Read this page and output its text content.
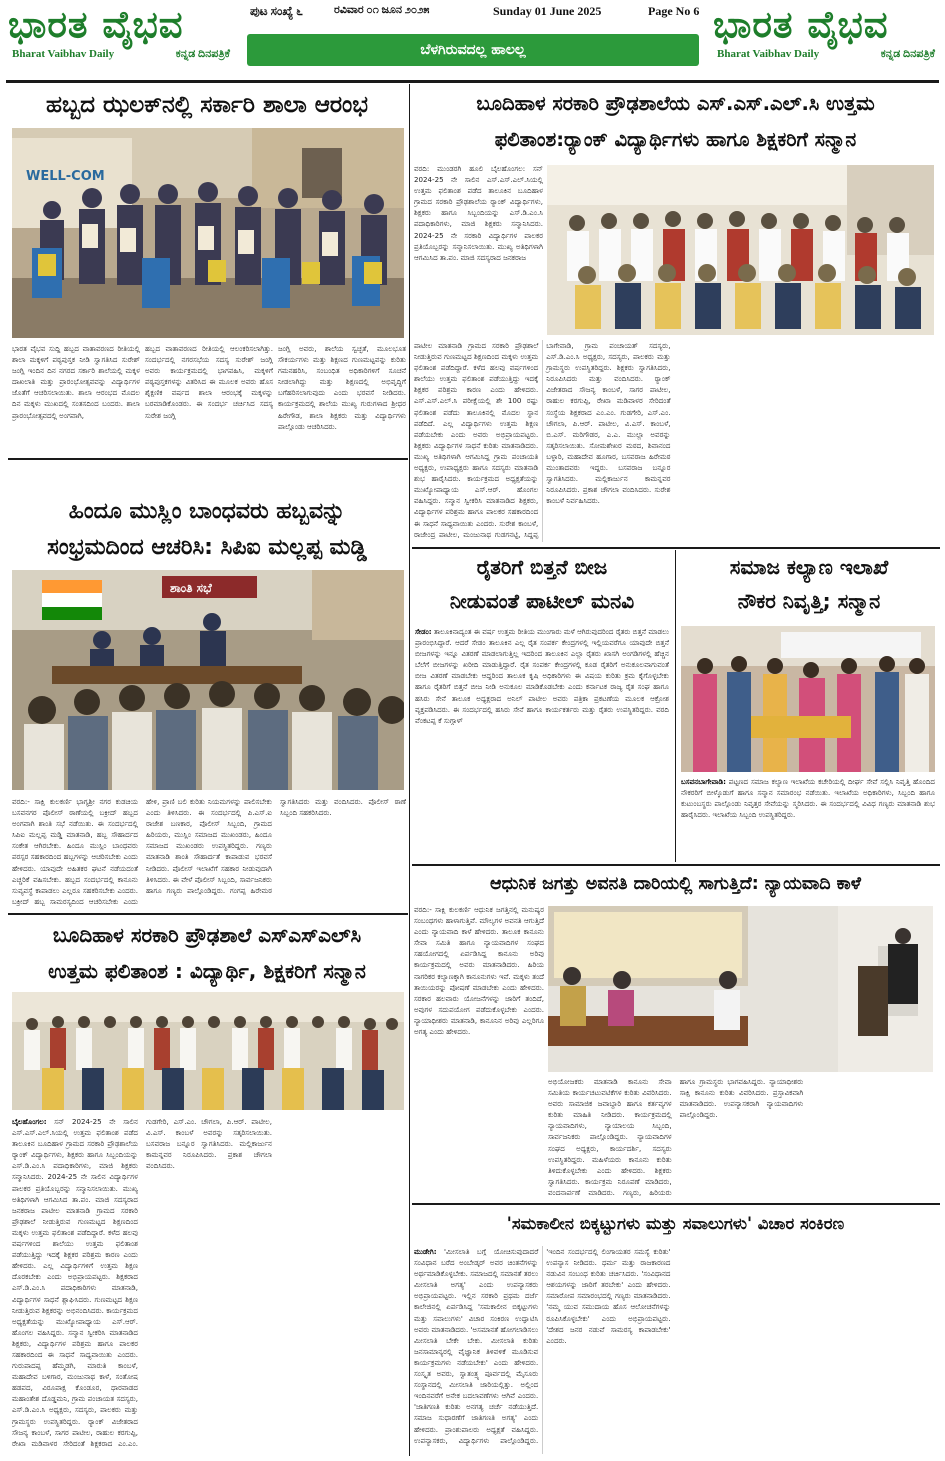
ಭಾರತ ವೈಭವ
Bharat Vaibhav Daily	ಕನ್ನಡ ದಿನಪತ್ರಿಕೆ
ಭಾರತ ವೈಭವ
Bharat Vaibhav Daily	ಕನ್ನಡ ದಿನಪತ್ರಿಕೆ
ಪುಟ ಸಂಖ್ಯೆ ೬	ರವಿವಾರ ೦೧ ಜೂನ ೨೦೨೫	Sunday 01 June 2025	Page No 6
ಬೆಳಗಿರುವದಲ್ಲ ಹಾಲಲ್ಲ
ಹಬ್ಬದ ಝಲಕ್‌ನಲ್ಲಿ ಸರ್ಕಾರಿ ಶಾಲಾ ಆರಂಭ
WELL-COM
ಭಾರತ ವೈಭವ ಸುದ್ದಿ ಹಬ್ಬದ ವಾತಾವರಣದ ರೀತಿಯಲ್ಲಿ ಶಾಲಾ ಮಕ್ಕಳಿಗೆ ಪಠ್ಯಪುಸ್ತಕ ನೀಡಿ ಸ್ವಾಗತಿಸಿದ ಸುರೇಶ್ ಜಂಗ್ಲಿ ಇಂದಿನ ದಿನ ನಗರದ ಸರ್ಕಾರಿ ಶಾಲೆಯಲ್ಲಿ ಮಕ್ಕಳ ದಾಖಲಾತಿ ಮತ್ತು ಪ್ರಾರಂಭೋತ್ಸವವನ್ನು ವಿದ್ಯಾರ್ಥಿಗಳ ಜೊತೆಗೆ ಆಚರಿಸಲಾಯಿತು. ಶಾಲಾ ಆರಂಭದ ಮೊದಲ ದಿನ ಮಕ್ಕಳು ಮುಖದಲ್ಲಿ ಸಂತಸದಿಂದ ಬಂದರು. ಶಾಲಾ ಪ್ರಾರಂಭೋತ್ಸವದಲ್ಲಿ ಅಂಗವಾಗಿ,
ಹಬ್ಬದ ವಾತಾವರಣದ ರೀತಿಯಲ್ಲಿ ಆಲಂಕರಿಸಲಾಗಿತ್ತು. ಸಂದರ್ಭದಲ್ಲಿ ನಗರಸಭೆಯ ಸದಸ್ಯ ಸುರೇಶ್ ಜಂಗ್ಲಿ ಅವರು ಕಾರ್ಯಕ್ರಮದಲ್ಲಿ ಭಾಗವಹಿಸಿ, ಮಕ್ಕಳಿಗೆ ಪಠ್ಯಪುಸ್ತಕಗಳನ್ನು ವಿತರಿಸಿದ ಈ ಮೂಲಕ ಅವರು ಹೊಸ ಶೈಕ್ಷಣಿಕ ವರ್ಷದ ಶಾಲಾ ಆರಂಭಕ್ಕೆ ಮಕ್ಕಳನ್ನು ಬರಮಾಡಿಕೊಂಡರು. ಈ ಸಂದರ್ಭ ಚರ್ಚಿಸಿದ ಸದಸ್ಯ ಸುರೇಶ ಜಂಗ್ಲಿ
ಜಂಗ್ಲಿ ಅವರು, ಶಾಲೆಯ ಸ್ವಚ್ಛತೆ, ಮೂಲಭೂತ ಸೌಕರ್ಯಗಳು ಮತ್ತು ಶಿಕ್ಷಣದ ಗುಣಮಟ್ಟವನ್ನು ಕುರಿತು ಗಮನಹರಿಸಿ, ಸಂಬಂಧಿತ ಅಧಿಕಾರಿಗಳಿಗೆ ಸೂಚನೆ ನೀಡಲಾಗಿದ್ದು ಮತ್ತು ಶಿಕ್ಷಣದಲ್ಲಿ ಅಭಿವೃದ್ಧಿಗೆ ಬಗೆಹರಿಸಲಾಗುವುದು ಎಂದು ಭರವಸೆ ನೀಡಿದರು. ಕಾರ್ಯಕ್ರಮದಲ್ಲಿ ಶಾಲೆಯ ಮುಖ್ಯ ಗುರುಗಳಾದ ಶ್ರೀಧರ ಹಿರೇಗೌಡ, ಶಾಲಾ ಶಿಕ್ಷಕರು ಮತ್ತು ವಿದ್ಯಾರ್ಥಿಗಳು ಪಾಲ್ಗೊಂಡು ಆಚರಿಸಿದರು.
ಬೂದಿಹಾಳ ಸರಕಾರಿ ಪ್ರೌಢಶಾಲೆಯ ಎಸ್.ಎಸ್.ಎಲ್.ಸಿ ಉತ್ತಮ
ಫಲಿತಾಂಶ:ರ್‍ಯಾಂಕ್ ವಿದ್ಯಾರ್ಥಿಗಳು ಹಾಗೂ ಶಿಕ್ಷಕರಿಗೆ ಸನ್ಮಾನ
ವರದಿ: ಮುಂಡರಗಿ ಹೂಲಿ ಬೈಲಹೊಂಗಲ: ಸನ್ 2024-25 ನೇ ಸಾಲಿನ ಎಸ್.ಎಸ್.ಎಲ್.ಸಿಯಲ್ಲಿ ಉತ್ತಮ ಫಲಿತಾಂಶ ಪಡೆದ ತಾಲೂಕಿನ ಬೂದಿಹಾಳ ಗ್ರಾಮದ ಸರಕಾರಿ ಪ್ರೌಢಶಾಲೆಯ ರ್‍ಯಾಂಕ್ ವಿದ್ಯಾರ್ಥಿಗಳು, ಶಿಕ್ಷಕರು ಹಾಗೂ ಸಿಬ್ಬಂದಿಯನ್ನು ಎಸ್.ಡಿ.ಎಂ.ಸಿ ಪದಾಧಿಕಾರಿಗಳು, ಮಾಜಿ ಶಿಕ್ಷಕರು ಸನ್ಮಾನಿಸಿದರು. 2024-25 ನೇ ಸರಕಾರಿ ವಿದ್ಯಾರ್ಥಿಗಳ ಪಾಲಕರ ಪ್ರತಿಯೊಬ್ಬರನ್ನು ಸನ್ಮಾನಿಸಲಾಯಿತು. ಮುಖ್ಯ ಅತಿಥಿಗಳಾಗಿ ಆಗಮಿಸಿದ ತಾ.ಪಂ. ಮಾಜಿ ಸದಸ್ಯರಾದ ಜನಕರಾಜ
ಪಾಟೀಲ ಮಾತನಾಡಿ ಗ್ರಾಮದ ಸರಕಾರಿ ಪ್ರೌಢಶಾಲೆ ನೀಡುತ್ತಿರುವ ಗುಣಮಟ್ಟದ ಶಿಕ್ಷಣದಿಂದ ಮಕ್ಕಳು ಉತ್ತಮ ಫಲಿತಾಂಶ ಪಡೆದಿದ್ದಾರೆ. ಕಳೆದ ಹಲವು ವರ್ಷಗಳಿಂದ ಶಾಲೆಯು ಉತ್ತಮ ಫಲಿತಾಂಶ ಪಡೆಯುತ್ತಿದ್ದು ಇದಕ್ಕೆ ಶಿಕ್ಷಕರ ಪರಿಶ್ರಮ ಕಾರಣ ಎಂದು ಹೇಳಿದರು. ಎಸ್.ಎಸ್.ಎಲ್.ಸಿ ಪರೀಕ್ಷೆಯಲ್ಲಿ ಶೇ 100 ರಷ್ಟು ಫಲಿತಾಂಶ ಪಡೆದು ತಾಲೂಕಿನಲ್ಲಿ ಮೊದಲ ಸ್ಥಾನ ಪಡೆದಿದೆ. ಎಲ್ಲ ವಿದ್ಯಾರ್ಥಿಗಳು ಉತ್ತಮ ಶಿಕ್ಷಣ ಪಡೆಯಬೇಕು ಎಂದು ಅವರು ಅಭಿಪ್ರಾಯಪಟ್ಟರು. ಶಿಕ್ಷಕರು ವಿದ್ಯಾರ್ಥಿಗಳ ಸಾಧನೆ ಕುರಿತು ಮಾತನಾಡಿದರು. ಮುಖ್ಯ ಅತಿಥಿಗಳಾಗಿ ಆಗಮಿಸಿದ್ದ ಗ್ರಾಮ ಪಂಚಾಯತಿ ಅಧ್ಯಕ್ಷರು, ಉಪಾಧ್ಯಕ್ಷರು ಹಾಗೂ ಸದಸ್ಯರು ಮಾತನಾಡಿ ಶುಭ ಹಾರೈಸಿದರು. ಕಾರ್ಯಕ್ರಮದ ಅಧ್ಯಕ್ಷತೆಯನ್ನು ಮುಖ್ಯೋಪಾಧ್ಯಾಯ ಎಸ್.ಆರ್. ಹೊಂಗಲ ವಹಿಸಿದ್ದರು. ಸನ್ಮಾನ ಸ್ವೀಕರಿಸಿ ಮಾತನಾಡಿದ ಶಿಕ್ಷಕರು, ವಿದ್ಯಾರ್ಥಿಗಳ ಪರಿಶ್ರಮ ಹಾಗೂ ಪಾಲಕರ ಸಹಕಾರದಿಂದ ಈ ಸಾಧನೆ ಸಾಧ್ಯವಾಯಿತು ಎಂದರು. ಸುರೇಶ ಕಾಂಬಳೆ, ರಾಜೇಂದ್ರ ಪಾಟೀಲ, ಮಂಜುನಾಥ ಗುಡಗನಟ್ಟಿ, ಸಿದ್ದಪ್ಪ ಬಾಗೇವಾಡಿ, ಗ್ರಾಮ ಪಂಚಾಯತ್ ಸದಸ್ಯರು, ಎಸ್.ಡಿ.ಎಂ.ಸಿ ಅಧ್ಯಕ್ಷರು, ಸದಸ್ಯರು, ಪಾಲಕರು ಮತ್ತು ಗ್ರಾಮಸ್ಥರು ಉಪಸ್ಥಿತರಿದ್ದರು. ಶಿಕ್ಷಕರು ಸ್ವಾಗತಿಸಿದರು, ನಿರೂಪಿಸಿದರು ಮತ್ತು ವಂದಿಸಿದರು. ರ್‍ಯಾಂಕ್ ವಿಜೇತರಾದ ಸೌಜನ್ಯ ಕಾಂಬಳೆ, ಸಾಗರ ಪಾಟೀಲ, ರಾಹುಲ ಕರಗುಪ್ಪಿ, ರೇಖಾ ಮಡಿವಾಳರ ಸೇರಿದಂತೆ ಸಂಸ್ಥೆಯ ಶಿಕ್ಷಕರಾದ ಎಂ.ಎಂ. ಗುಡಗೇರಿ, ಎಸ್.ಎಂ. ಚೌಗಲಾ, ಪಿ.ಆರ್. ಪಾಟೀಲ, ವಿ.ಎಸ್. ಕಾಂಬಳೆ, ಬಿ.ಎಸ್. ಮರಿಗೌಡರ, ಎ.ಎ. ಮುಲ್ಲಾ ಅವರನ್ನು ಸತ್ಕರಿಸಲಾಯಿತು. ಸೋಮಶೇಖರ ಮಠದ, ಶಿವಾನಂದ ಬಳ್ಳಾರಿ, ಮಹಾದೇವ ಹೂಗಾರ, ಬಸವರಾಜ ಹಿರೇಮಠ ಮುಂತಾದವರು ಇದ್ದರು. ಬಸವರಾಜ ಬನ್ನೂರ ಸ್ವಾಗತಿಸಿದರು. ಮಲ್ಲಿಕಾರ್ಜುನ ಕಾಮನ್ನವರ ನಿರೂಪಿಸಿದರು. ಪ್ರಕಾಶ ಚೌಗಲಾ ವಂದಿಸಿದರು. ಸುರೇಶ ಕಾಂಬಳೆ ನಿರ್ವಹಿಸಿದರು.
ಹಿಂದೂ ಮುಸ್ಲಿಂ ಬಾಂಧವರು ಹಬ್ಬವನ್ನು
ಸಂಭ್ರಮದಿಂದ ಆಚರಿಸಿ: ಸಿಪಿಐ ಮಲ್ಲಪ್ಪ ಮಡ್ಡಿ
ಶಾಂತಿ ಸಭೆ
ವರದಿ:- ಸಾಕ್ಷಿ ಕುಲಕರ್ಣಿ ಭಾಗ್ಯಶ್ರೀ ನಗರ ಕುಡಚಿಯ ಬಸವನಗರ ಪೊಲೀಸ್ ಠಾಣೆಯಲ್ಲಿ ಬಕ್ರೀದ್ ಹಬ್ಬದ ಅಂಗವಾಗಿ ಶಾಂತಿ ಸಭೆ ನಡೆಯಿತು. ಈ ಸಂದರ್ಭದಲ್ಲಿ ಸಿಪಿಐ ಮಲ್ಲಪ್ಪ ಮಡ್ಡಿ ಮಾತನಾಡಿ, ಹಬ್ಬ ಸೌಹಾರ್ದದ ಸಂಕೇತ ಆಗಿರಬೇಕು. ಹಿಂದೂ ಮುಸ್ಲಿಂ ಬಾಂಧವರು ಪರಸ್ಪರ ಸಹಕಾರದಿಂದ ಹಬ್ಬಗಳನ್ನು ಆಚರಿಸಬೇಕು ಎಂದು ಹೇಳಿದರು. ಯಾವುದೇ ಅಹಿತಕರ ಘಟನೆ ನಡೆಯದಂತೆ ಎಚ್ಚರಿಕೆ ವಹಿಸಬೇಕು. ಹಬ್ಬದ ಸಂದರ್ಭದಲ್ಲಿ ಕಾನೂನು ಸುವ್ಯವಸ್ಥೆ ಕಾಪಾಡಲು ಎಲ್ಲರೂ ಸಹಕರಿಸಬೇಕು ಎಂದರು. ಬಕ್ರೀದ್ ಹಬ್ಬ ಸಾಮರಸ್ಯದಿಂದ ಆಚರಿಸಬೇಕು ಎಂದು ಹೇಳಿ, ಪ್ರಾಣಿ ಬಲಿ ಕುರಿತು ನಿಯಮಗಳನ್ನು ಪಾಲಿಸಬೇಕು ಎಂದು ತಿಳಿಸಿದರು. ಈ ಸಂದರ್ಭದಲ್ಲಿ ಪಿ.ಎಸ್.ಐ ರಾಜೇಶ ಬಣಕಾರ, ಪೊಲೀಸ್ ಸಿಬ್ಬಂದಿ, ಗ್ರಾಮದ ಹಿರಿಯರು, ಮುಸ್ಲಿಂ ಸಮಾಜದ ಮುಖಂಡರು, ಹಿಂದೂ ಸಮಾಜದ ಮುಖಂಡರು ಉಪಸ್ಥಿತರಿದ್ದರು. ಗಣ್ಯರು ಮಾತನಾಡಿ ಶಾಂತಿ ಸೌಹಾರ್ದತೆ ಕಾಪಾಡುವ ಭರವಸೆ ನೀಡಿದರು. ಪೊಲೀಸ್ ಇಲಾಖೆಗೆ ಸಹಕಾರ ನೀಡುವುದಾಗಿ ತಿಳಿಸಿದರು. ಈ ವೇಳೆ ಪೊಲೀಸ್ ಸಿಬ್ಬಂದಿ, ಸಾರ್ವಜನಿಕರು ಹಾಗೂ ಗಣ್ಯರು ಪಾಲ್ಗೊಂಡಿದ್ದರು. ಗಂಗಪ್ಪ ಹಿರೇಮಠ ಸ್ವಾಗತಿಸಿದರು ಮತ್ತು ವಂದಿಸಿದರು. ಪೊಲೀಸ್ ಠಾಣೆ ಸಿಬ್ಬಂದಿ ಸಹಕರಿಸಿದರು.
ರೈತರಿಗೆ ಬಿತ್ತನೆ ಬೀಜ
ನೀಡುವಂತೆ ಪಾಟೀಲ್ ಮನವಿ
ಸೇಡಂ: ತಾಲೂಕಿನಾದ್ಯಂತ ಈ ವರ್ಷ ಉತ್ತಮ ರೀತಿಯ ಮುಂಗಾರು ಮಳೆ ಆಗಿರುವುದರಿಂದ ರೈತರು ಬಿತ್ತನೆ ಮಾಡಲು ಪ್ರಾರಂಭಿಸಿದ್ದಾರೆ. ಆದರೆ ಸೇಡಂ ತಾಲೂಕಿನ ಎಲ್ಲ ರೈತ ಸಂಪರ್ಕ ಕೇಂದ್ರಗಳಲ್ಲಿ ಇಲ್ಲಿಯವರೆಗೂ ಯಾವುದೇ ಬಿತ್ತನೆ ಬೀಜಗಳನ್ನು ಇನ್ನೂ ವಿತರಣೆ ಮಾಡಲಾಗುತ್ತಿಲ್ಲ ಇದರಿಂದ ತಾಲೂಕಿನ ಎಲ್ಲಾ ರೈತರು ಖಾಸಗಿ ಅಂಗಡಿಗಳಲ್ಲಿ ಹೆಚ್ಚಿನ ಬೆಲೆಗೆ ಬೀಜಗಳನ್ನು ಖರೀದಿ ಮಾಡುತ್ತಿದ್ದಾರೆ. ರೈತ ಸಂಪರ್ಕ ಕೇಂದ್ರಗಳಲ್ಲಿ ಕೂಡ ರೈತರಿಗೆ ಅನುಕೂಲವಾಗುವಂತೆ ಬೀಜ ವಿತರಣೆ ಮಾಡಬೇಕು ಆದ್ದರಿಂದ ತಾಲೂಕ ಕೃಷಿ ಅಧಿಕಾರಿಗಳು ಈ ವಿಷಯ ಕುರಿತು ಕ್ರಮ ಕೈಗೊಳ್ಳಬೇಕು ಹಾಗೂ ರೈತರಿಗೆ ಬಿತ್ತನೆ ಬೀಜ ನೀಡಿ ಅನುಕೂಲ ಮಾಡಿಕೊಡಬೇಕು ಎಂದು ಕರ್ನಾಟಕ ರಾಜ್ಯ ರೈತ ಸಂಘ ಹಾಗೂ ಹಸಿರು ಸೇನೆ ತಾಲೂಕ ಅಧ್ಯಕ್ಷರಾದ ಅನಿಲ್ ಪಾಟೀಲ ಅವರು ಪತ್ರಿಕಾ ಪ್ರಕಟಣೆಯ ಮೂಲಕ ಆಕ್ರೋಶ ವ್ಯಕ್ತಪಡಿಸಿದರು. ಈ ಸಂದರ್ಭದಲ್ಲಿ ಹಸಿರು ಸೇನೆ ಹಾಗೂ ಕಾರ್ಯಕರ್ತರು ಮತ್ತು ರೈತರು ಉಪಸ್ಥಿತರಿದ್ದರು. ವರದಿ ವೆಂಕಟಪ್ಪ ಕೆ ಸುಗ್ಗಾಳ್
ಸಮಾಜ ಕಲ್ಯಾಣ ಇಲಾಖೆ
ನೌಕರ ನಿವೃತ್ತಿ; ಸನ್ಮಾನ
ಬಸವನಬಾಗೇವಾಡಿ: ಪಟ್ಟಣದ ಸಮಾಜ ಕಲ್ಯಾಣ ಇಲಾಖೆಯ ಕಚೇರಿಯಲ್ಲಿ ದೀರ್ಘ ಸೇವೆ ಸಲ್ಲಿಸಿ ನಿವೃತ್ತಿ ಹೊಂದಿದ ನೌಕರರಿಗೆ ಬೀಳ್ಕೊಡುಗೆ ಹಾಗೂ ಸನ್ಮಾನ ಸಮಾರಂಭ ನಡೆಯಿತು. ಇಲಾಖೆಯ ಅಧಿಕಾರಿಗಳು, ಸಿಬ್ಬಂದಿ ಹಾಗೂ ಕುಟುಂಬಸ್ಥರು ಪಾಲ್ಗೊಂಡು ನಿವೃತ್ತರ ಸೇವೆಯನ್ನು ಸ್ಮರಿಸಿದರು. ಈ ಸಂದರ್ಭದಲ್ಲಿ ವಿವಿಧ ಗಣ್ಯರು ಮಾತನಾಡಿ ಶುಭ ಹಾರೈಸಿದರು. ಇಲಾಖೆಯ ಸಿಬ್ಬಂದಿ ಉಪಸ್ಥಿತರಿದ್ದರು.
ಆಧುನಿಕ ಜಗತ್ತು ಅವನತಿ ದಾರಿಯಲ್ಲಿ ಸಾಗುತ್ತಿದೆ: ನ್ಯಾಯವಾದಿ ಕಾಳೆ
ವರದಿ:- ಸಾಕ್ಷಿ ಕುಲಕರ್ಣಿ ಆಧುನಿಕ ಜಗತ್ತಿನಲ್ಲಿ ಮನುಷ್ಯರ ಸಂಬಂಧಗಳು ಹಾಳಾಗುತ್ತಿವೆ. ಮೌಲ್ಯಗಳ ಅವನತಿ ಆಗುತ್ತಿದೆ ಎಂದು ನ್ಯಾಯವಾದಿ ಕಾಳೆ ಹೇಳಿದರು. ತಾಲೂಕ ಕಾನೂನು ಸೇವಾ ಸಮಿತಿ ಹಾಗೂ ನ್ಯಾಯವಾದಿಗಳ ಸಂಘದ ಸಹಯೋಗದಲ್ಲಿ ಏರ್ಪಡಿಸಿದ್ದ ಕಾನೂನು ಅರಿವು ಕಾರ್ಯಕ್ರಮದಲ್ಲಿ ಅವರು ಮಾತನಾಡಿದರು. ಹಿರಿಯ ನಾಗರಿಕರ ಕಲ್ಯಾಣಕ್ಕಾಗಿ ಕಾನೂನುಗಳು ಇವೆ. ಮಕ್ಕಳು ತಂದೆ ತಾಯಿಯರನ್ನು ಪೋಷಣೆ ಮಾಡಬೇಕು ಎಂದು ಹೇಳಿದರು. ಸರಕಾರ ಹಲವಾರು ಯೋಜನೆಗಳನ್ನು ಜಾರಿಗೆ ತಂದಿದೆ, ಅವುಗಳ ಸದುಪಯೋಗ ಪಡೆದುಕೊಳ್ಳಬೇಕು ಎಂದರು. ನ್ಯಾಯಾಧೀಶರು ಮಾತನಾಡಿ, ಕಾನೂನಿನ ಅರಿವು ಎಲ್ಲರಿಗೂ ಅಗತ್ಯ ಎಂದು ಹೇಳಿದರು.
ಅಭಿಯೋಜಕರು ಮಾತನಾಡಿ ಕಾನೂನು ಸೇವಾ ಸಮಿತಿಯ ಕಾರ್ಯಚಟುವಟಿಕೆಗಳ ಕುರಿತು ವಿವರಿಸಿದರು. ಅವರು ಸಾಮಾಜಿಕ ಜವಾಬ್ದಾರಿ ಹಾಗೂ ಕರ್ತವ್ಯಗಳ ಕುರಿತು ಮಾಹಿತಿ ನೀಡಿದರು. ಕಾರ್ಯಕ್ರಮದಲ್ಲಿ ನ್ಯಾಯವಾದಿಗಳು, ನ್ಯಾಯಾಲಯ ಸಿಬ್ಬಂದಿ, ಸಾರ್ವಜನಿಕರು ಪಾಲ್ಗೊಂಡಿದ್ದರು. ನ್ಯಾಯವಾದಿಗಳ ಸಂಘದ ಅಧ್ಯಕ್ಷರು, ಕಾರ್ಯದರ್ಶಿ, ಸದಸ್ಯರು ಉಪಸ್ಥಿತರಿದ್ದರು. ಮಹಿಳೆಯರು ಕಾನೂನು ಕುರಿತು ತಿಳಿದುಕೊಳ್ಳಬೇಕು ಎಂದು ಹೇಳಿದರು. ಶಿಕ್ಷಕರು ಸ್ವಾಗತಿಸಿದರು. ಕಾರ್ಯಕ್ರಮ ನಿರೂಪಣೆ ಮಾಡಿದರು, ವಂದನಾರ್ಪಣೆ ಮಾಡಿದರು. ಗಣ್ಯರು, ಹಿರಿಯರು ಹಾಗೂ ಗ್ರಾಮಸ್ಥರು ಭಾಗವಹಿಸಿದ್ದರು. ನ್ಯಾಯಾಧೀಶರು ಸಾಕ್ಷಿ ಕಾನೂನು ಕುರಿತು ವಿವರಿಸಿದರು. ಪ್ರಸ್ತಾವಿಕವಾಗಿ ಮಾತನಾಡಿದರು. ಉಪನ್ಯಾಸಕರಾಗಿ ನ್ಯಾಯವಾದಿಗಳು ಪಾಲ್ಗೊಂಡಿದ್ದರು.
ಬೂದಿಹಾಳ ಸರಕಾರಿ ಪ್ರೌಢಶಾಲೆ ಎಸ್‌ಎಸ್‌ಎಲ್‌ಸಿ
ಉತ್ತಮ ಫಲಿತಾಂಶ : ವಿದ್ಯಾರ್ಥಿ, ಶಿಕ್ಷಕರಿಗೆ ಸನ್ಮಾನ
ಬೈಲಹೊಂಗಲ: ಸನ್ 2024-25 ನೇ ಸಾಲಿನ ಎಸ್.ಎಸ್.ಎಲ್.ಸಿಯಲ್ಲಿ ಉತ್ತಮ ಫಲಿತಾಂಶ ಪಡೆದ ತಾಲೂಕಿನ ಬೂದಿಹಾಳ ಗ್ರಾಮದ ಸರಕಾರಿ ಪ್ರೌಢಶಾಲೆಯ ರ್‍ಯಾಂಕ್ ವಿದ್ಯಾರ್ಥಿಗಳು, ಶಿಕ್ಷಕರು ಹಾಗೂ ಸಿಬ್ಬಂದಿಯನ್ನು ಎಸ್.ಡಿ.ಎಂ.ಸಿ ಪದಾಧಿಕಾರಿಗಳು, ಮಾಜಿ ಶಿಕ್ಷಕರು ಸನ್ಮಾನಿಸಿದರು. 2024-25 ನೇ ಸಾಲಿನ ವಿದ್ಯಾರ್ಥಿಗಳ ಪಾಲಕರ ಪ್ರತಿಯೊಬ್ಬರನ್ನು ಸನ್ಮಾನಿಸಲಾಯಿತು. ಮುಖ್ಯ ಅತಿಥಿಗಳಾಗಿ ಆಗಮಿಸಿದ ತಾ.ಪಂ. ಮಾಜಿ ಸದಸ್ಯರಾದ ಜನಕರಾಜ ಪಾಟೀಲ ಮಾತನಾಡಿ ಗ್ರಾಮದ ಸರಕಾರಿ ಪ್ರೌಢಶಾಲೆ ನೀಡುತ್ತಿರುವ ಗುಣಮಟ್ಟದ ಶಿಕ್ಷಣದಿಂದ ಮಕ್ಕಳು ಉತ್ತಮ ಫಲಿತಾಂಶ ಪಡೆದಿದ್ದಾರೆ. ಕಳೆದ ಹಲವು ವರ್ಷಗಳಿಂದ ಶಾಲೆಯು ಉತ್ತಮ ಫಲಿತಾಂಶ ಪಡೆಯುತ್ತಿದ್ದು ಇದಕ್ಕೆ ಶಿಕ್ಷಕರ ಪರಿಶ್ರಮ ಕಾರಣ ಎಂದು ಹೇಳಿದರು. ಎಲ್ಲ ವಿದ್ಯಾರ್ಥಿಗಳಿಗೆ ಉತ್ತಮ ಶಿಕ್ಷಣ ದೊರಕಬೇಕು ಎಂದು ಅಭಿಪ್ರಾಯಪಟ್ಟರು. ಶಿಕ್ಷಕರಾದ ಎಸ್.ಡಿ.ಎಂ.ಸಿ ಪದಾಧಿಕಾರಿಗಳು ಮಾತನಾಡಿ, ವಿದ್ಯಾರ್ಥಿಗಳ ಸಾಧನೆ ಶ್ಲಾಘಿಸಿದರು. ಗುಣಮಟ್ಟದ ಶಿಕ್ಷಣ ನೀಡುತ್ತಿರುವ ಶಿಕ್ಷಕರನ್ನು ಅಭಿನಂದಿಸಿದರು. ಕಾರ್ಯಕ್ರಮದ ಅಧ್ಯಕ್ಷತೆಯನ್ನು ಮುಖ್ಯೋಪಾಧ್ಯಾಯ ಎಸ್.ಆರ್. ಹೊಂಗಲ ವಹಿಸಿದ್ದರು. ಸನ್ಮಾನ ಸ್ವೀಕರಿಸಿ ಮಾತನಾಡಿದ ಶಿಕ್ಷಕರು, ವಿದ್ಯಾರ್ಥಿಗಳ ಪರಿಶ್ರಮ ಹಾಗೂ ಪಾಲಕರ ಸಹಕಾರದಿಂದ ಈ ಸಾಧನೆ ಸಾಧ್ಯವಾಯಿತು ಎಂದರು. ಗುರುಪಾದಪ್ಪ ಹೆಮ್ಮಡಗಿ, ಮಾರುತಿ ಕಾಂಬಳೆ, ಮಹಾದೇವ ಬಳಿಗಾರ, ಮಂಜುನಾಥ ಕಾಳೆ, ಸಂತೋಷ ಹಡಪದ, ವಿರೂಪಾಕ್ಷ ಕೊಂಡೂರ, ಧಾರವಾಡದ ಮಹಾಂತೇಶ ದೊಡ್ಡಮನಿ, ಗ್ರಾಮ ಪಂಚಾಯತ ಸದಸ್ಯರು, ಎಸ್.ಡಿ.ಎಂ.ಸಿ ಅಧ್ಯಕ್ಷರು, ಸದಸ್ಯರು, ಪಾಲಕರು ಮತ್ತು ಗ್ರಾಮಸ್ಥರು ಉಪಸ್ಥಿತರಿದ್ದರು. ರ್‍ಯಾಂಕ್ ವಿಜೇತರಾದ ಸೌಜನ್ಯ ಕಾಂಬಳೆ, ಸಾಗರ ಪಾಟೀಲ, ರಾಹುಲ ಕರಗುಪ್ಪಿ, ರೇಖಾ ಮಡಿವಾಳರ ಸೇರಿದಂತೆ ಶಿಕ್ಷಕರಾದ ಎಂ.ಎಂ. ಗುಡಗೇರಿ, ಎಸ್.ಎಂ. ಚೌಗಲಾ, ಪಿ.ಆರ್. ಪಾಟೀಲ, ವಿ.ಎಸ್. ಕಾಂಬಳೆ ಅವರನ್ನು ಸತ್ಕರಿಸಲಾಯಿತು. ಬಸವರಾಜ ಬನ್ನೂರ ಸ್ವಾಗತಿಸಿದರು. ಮಲ್ಲಿಕಾರ್ಜುನ ಕಾಮನ್ನವರ ನಿರೂಪಿಸಿದರು. ಪ್ರಕಾಶ ಚೌಗಲಾ ವಂದಿಸಿದರು.
'ಸಮಕಾಲೀನ ಬಿಕ್ಕಟ್ಟುಗಳು ಮತ್ತು ಸವಾಲುಗಳು' ವಿಚಾರ ಸಂಕಿರಣ
ಮುಡೇಗಿ: 'ಮೀಸಲಾತಿ ಬಗ್ಗೆ ಯೋಚಿಸುವುದಾದರೆ ಸಂವಿಧಾನ ಬರೆದ ಅಂಬೇಡ್ಕರ್ ಅವರ ಚಿಂತನೆಗಳನ್ನು ಅರ್ಥಮಾಡಿಕೊಳ್ಳಬೇಕು. ಸಮಾಜದಲ್ಲಿ ಸಮಾನತೆ ತರಲು ಮೀಸಲಾತಿ ಅಗತ್ಯ' ಎಂದು ಉಪನ್ಯಾಸಕರು ಅಭಿಪ್ರಾಯಪಟ್ಟರು. ಇಲ್ಲಿನ ಸರಕಾರಿ ಪ್ರಥಮ ದರ್ಜೆ ಕಾಲೇಜಿನಲ್ಲಿ ಏರ್ಪಡಿಸಿದ್ದ 'ಸಮಕಾಲೀನ ಬಿಕ್ಕಟ್ಟುಗಳು ಮತ್ತು ಸವಾಲುಗಳು' ವಿಚಾರ ಸಂಕಿರಣ ಉದ್ಘಾಟಿಸಿ ಅವರು ಮಾತನಾಡಿದರು. 'ಅಸಮಾನತೆ ಹೋಗಲಾಡಿಸಲು ಮೀಸಲಾತಿ ಬೇಕೇ ಬೇಕು. ಮೀಸಲಾತಿ ಕುರಿತು ಜನಸಾಮಾನ್ಯರಲ್ಲಿ ವೈಜ್ಞಾನಿಕ ತಿಳಿವಳಿಕೆ ಮೂಡಿಸುವ ಕಾರ್ಯಕ್ರಮಗಳು ನಡೆಯಬೇಕು' ಎಂದು ಹೇಳಿದರು. ಸಂಸ್ಕೃತ ಅವರು, ಸ್ವಾತಂತ್ರ್ಯ ಪೂರ್ವದಲ್ಲಿ ಮೈಸೂರು ಸಂಸ್ಥಾನದಲ್ಲಿ ಮೀಸಲಾತಿ ಜಾರಿಯಲ್ಲಿತ್ತು. ಅಲ್ಲಿಂದ ಇಂದಿನವರೆಗೆ ಅನೇಕ ಬದಲಾವಣೆಗಳು ಆಗಿವೆ ಎಂದರು. 'ಜಾತಿಗಣತಿ ಕುರಿತು ಅನಗತ್ಯ ಚರ್ಚೆ ನಡೆಯುತ್ತಿದೆ. ಸಮಾಜ ಸುಧಾರಣೆಗೆ ಜಾತಿಗಣತಿ ಅಗತ್ಯ' ಎಂದು ಹೇಳಿದರು. ಪ್ರಾಂಶುಪಾಲರು ಅಧ್ಯಕ್ಷತೆ ವಹಿಸಿದ್ದರು. ಉಪನ್ಯಾಸಕರು, ವಿದ್ಯಾರ್ಥಿಗಳು ಪಾಲ್ಗೊಂಡಿದ್ದರು. 'ಇಂದಿನ ಸಂದರ್ಭದಲ್ಲಿ ಲಿಂಗಾಯತರ ಸಮಸ್ಯೆ ಕುರಿತು' ಉಪನ್ಯಾಸ ನೀಡಿದರು. ಧರ್ಮ ಮತ್ತು ರಾಜಕಾರಣದ ನಡುವಿನ ಸಂಬಂಧ ಕುರಿತು ಚರ್ಚಿಸಿದರು. 'ಸಂವಿಧಾನದ ಆಶಯಗಳನ್ನು ಜಾರಿಗೆ ತರಬೇಕು' ಎಂದು ಹೇಳಿದರು. ಸಮಾರೋಪ ಸಮಾರಂಭದಲ್ಲಿ ಗಣ್ಯರು ಮಾತನಾಡಿದರು. 'ನಮ್ಮ ಯುವ ಸಮುದಾಯ ಹೊಸ ಆಲೋಚನೆಗಳನ್ನು ರೂಪಿಸಿಕೊಳ್ಳಬೇಕು' ಎಂದು ಅಭಿಪ್ರಾಯಪಟ್ಟರು. 'ದೇಶದ ಜನರ ನಡುವೆ ಸಾಮರಸ್ಯ ಕಾಪಾಡಬೇಕು' ಎಂದರು.
